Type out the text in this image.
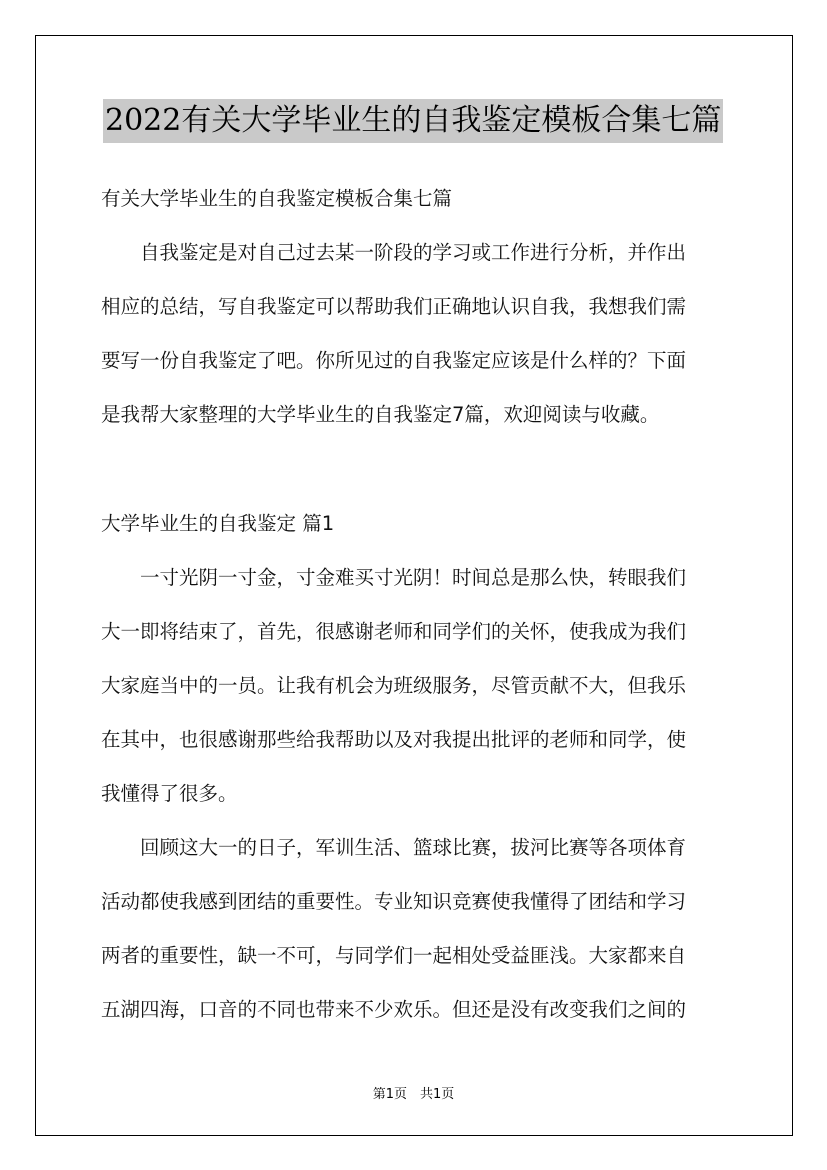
2022有关大学毕业生的自我鉴定模板合集七篇
有关大学毕业生的自我鉴定模板合集七篇
　　自我鉴定是对自己过去某一阶段的学习或工作进行分析，并作出
相应的总结，写自我鉴定可以帮助我们正确地认识自我，我想我们需
要写一份自我鉴定了吧。你所见过的自我鉴定应该是什么样的？下面
是我帮大家整理的大学毕业生的自我鉴定7篇，欢迎阅读与收藏。
大学毕业生的自我鉴定 篇1
　　一寸光阴一寸金，寸金难买寸光阴！时间总是那么快，转眼我们
大一即将结束了，首先，很感谢老师和同学们的关怀，使我成为我们
大家庭当中的一员。让我有机会为班级服务，尽管贡献不大，但我乐
在其中，也很感谢那些给我帮助以及对我提出批评的老师和同学，使
我懂得了很多。
　　回顾这大一的日子，军训生活、篮球比赛，拔河比赛等各项体育
活动都使我感到团结的重要性。专业知识竞赛使我懂得了团结和学习
两者的重要性，缺一不可，与同学们一起相处受益匪浅。大家都来自
五湖四海，口音的不同也带来不少欢乐。但还是没有改变我们之间的
第1页　共1页
